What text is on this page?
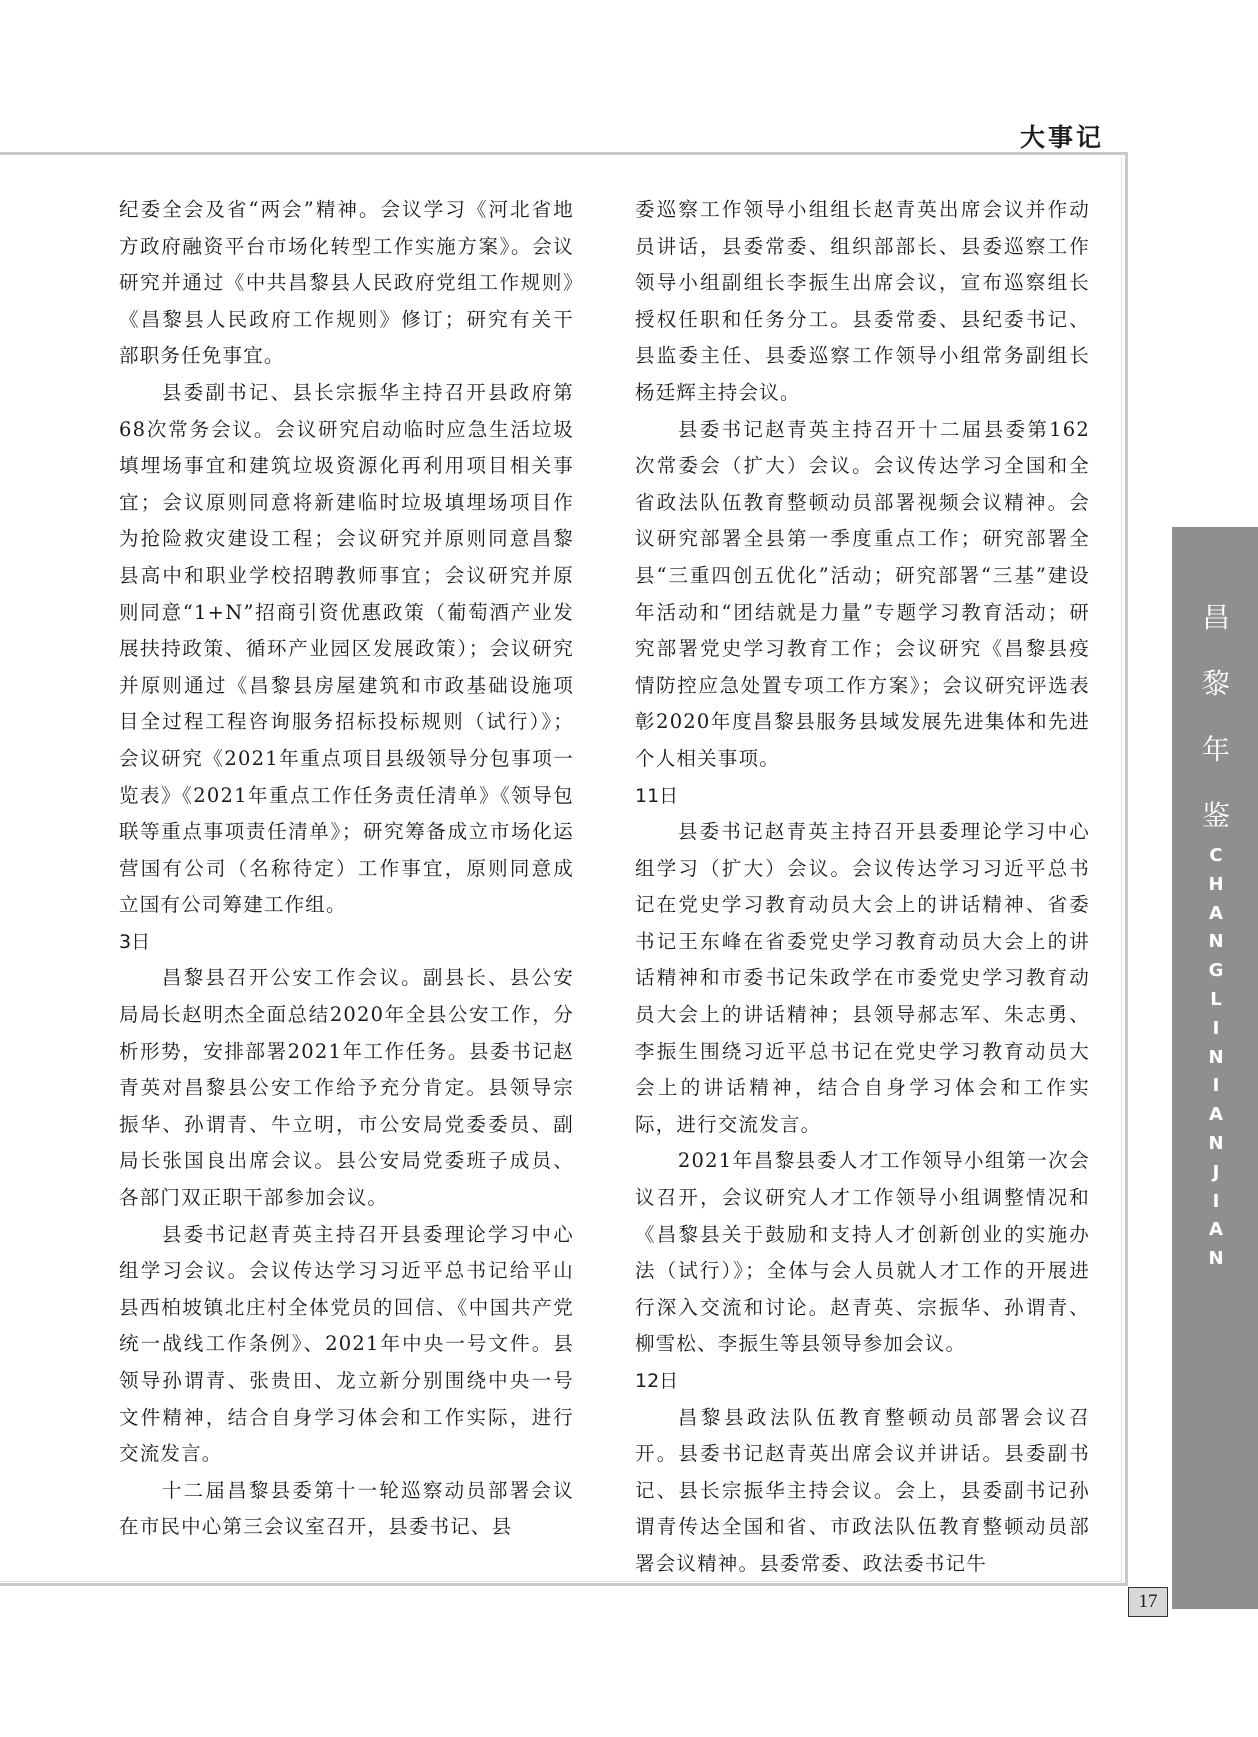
大事记

纪委全会及省“两会”精神。会议学习《河北省地方政府融资平台市场化转型工作实施方案》。会议研究并通过《中共昌黎县人民政府党组工作规则》《昌黎县人民政府工作规则》修订；研究有关干部职务任免事宜。

县委副书记、县长宗振华主持召开县政府第68次常务会议。会议研究启动临时应急生活垃圾填埋场事宜和建筑垃圾资源化再利用项目相关事宜；会议原则同意将新建临时垃圾填埋场项目作为抢险救灾建设工程；会议研究并原则同意昌黎县高中和职业学校招聘教师事宜；会议研究并原则同意“1+N”招商引资优惠政策（葡萄酒产业发展扶持政策、循环产业园区发展政策）；会议研究并原则通过《昌黎县房屋建筑和市政基础设施项目全过程工程咨询服务招标投标规则（试行）》；会议研究《2021年重点项目县级领导分包事项一览表》《2021年重点工作任务责任清单》《领导包联等重点事项责任清单》；研究筹备成立市场化运营国有公司（名称待定）工作事宜，原则同意成立国有公司筹建工作组。

3日

昌黎县召开公安工作会议。副县长、县公安局局长赵明杰全面总结2020年全县公安工作，分析形势，安排部署2021年工作任务。县委书记赵青英对昌黎县公安工作给予充分肯定。县领导宗振华、孙谓青、牛立明，市公安局党委委员、副局长张国良出席会议。县公安局党委班子成员、各部门双正职干部参加会议。

县委书记赵青英主持召开县委理论学习中心组学习会议。会议传达学习习近平总书记给平山县西柏坡镇北庄村全体党员的回信、《中国共产党统一战线工作条例》、2021年中央一号文件。县领导孙谓青、张贵田、龙立新分别围绕中央一号文件精神，结合自身学习体会和工作实际，进行交流发言。

十二届昌黎县委第十一轮巡察动员部署会议在市民中心第三会议室召开，县委书记、县

委巡察工作领导小组组长赵青英出席会议并作动员讲话，县委常委、组织部部长、县委巡察工作领导小组副组长李振生出席会议，宣布巡察组长授权任职和任务分工。县委常委、县纪委书记、县监委主任、县委巡察工作领导小组常务副组长杨廷辉主持会议。

县委书记赵青英主持召开十二届县委第162次常委会（扩大）会议。会议传达学习全国和全省政法队伍教育整顿动员部署视频会议精神。会议研究部署全县第一季度重点工作；研究部署全县“三重四创五优化”活动；研究部署“三基”建设年活动和“团结就是力量”专题学习教育活动；研究部署党史学习教育工作；会议研究《昌黎县疫情防控应急处置专项工作方案》；会议研究评选表彰2020年度昌黎县服务县域发展先进集体和先进个人相关事项。

11日

县委书记赵青英主持召开县委理论学习中心组学习（扩大）会议。会议传达学习习近平总书记在党史学习教育动员大会上的讲话精神、省委书记王东峰在省委党史学习教育动员大会上的讲话精神和市委书记朱政学在市委党史学习教育动员大会上的讲话精神；县领导郝志军、朱志勇、李振生围绕习近平总书记在党史学习教育动员大会上的讲话精神，结合自身学习体会和工作实际，进行交流发言。

2021年昌黎县委人才工作领导小组第一次会议召开，会议研究人才工作领导小组调整情况和《昌黎县关于鼓励和支持人才创新创业的实施办法（试行）》；全体与会人员就人才工作的开展进行深入交流和讨论。赵青英、宗振华、孙谓青、柳雪松、李振生等县领导参加会议。

12日

昌黎县政法队伍教育整顿动员部署会议召开。县委书记赵青英出席会议并讲话。县委副书记、县长宗振华主持会议。会上，县委副书记孙谓青传达全国和省、市政法队伍教育整顿动员部署会议精神。县委常委、政法委书记牛

昌
黎
年
鉴
C
H
A
N
G
L
I
N
I
A
N
J
I
A
N
17
